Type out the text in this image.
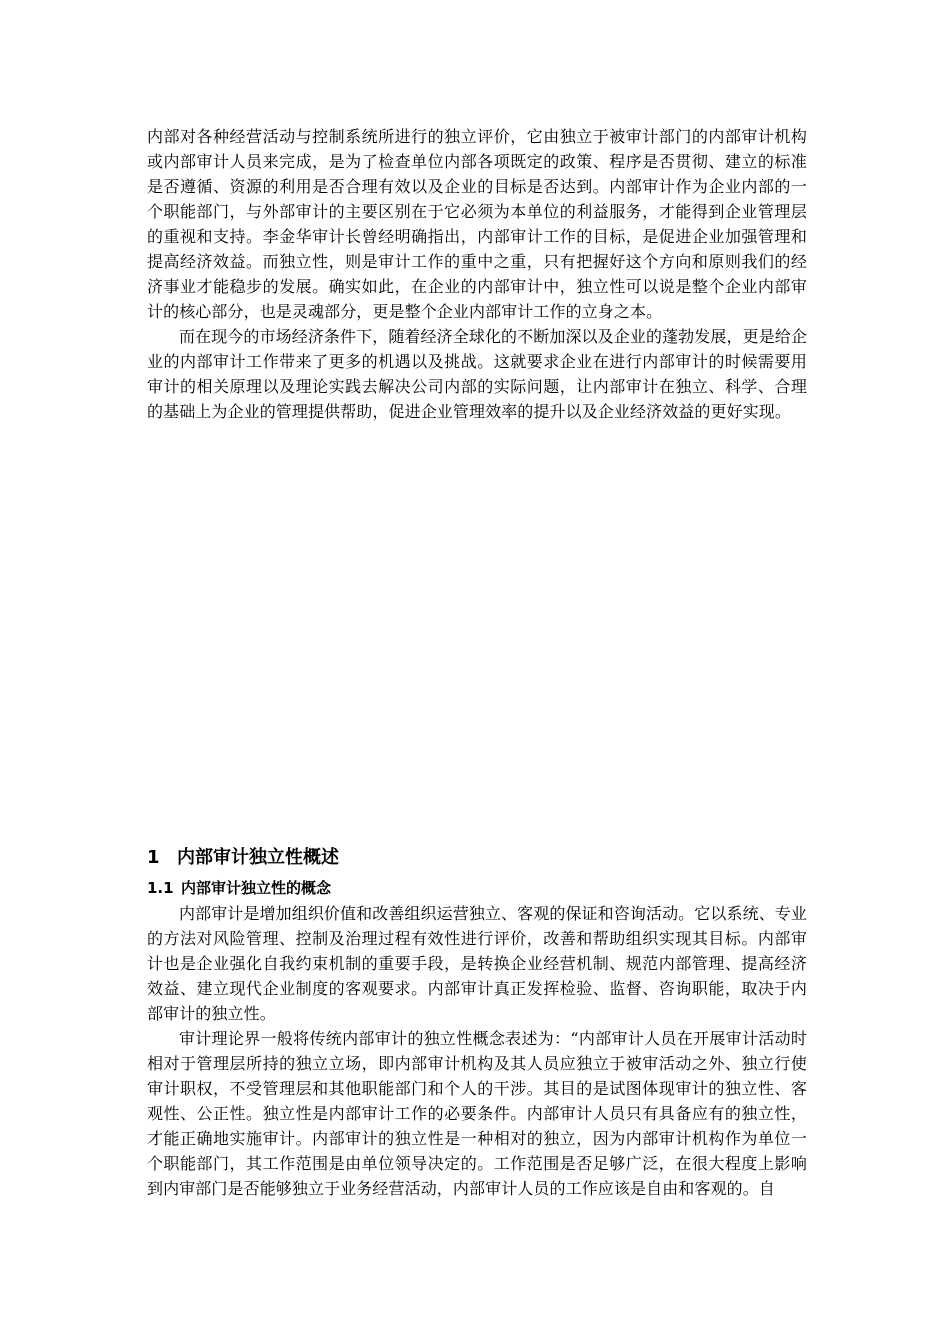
内部对各种经营活动与控制系统所进行的独立评价，它由独立于被审计部门的内部审计机构或内部审计人员来完成，是为了检查单位内部各项既定的政策、程序是否贯彻、建立的标准是否遵循、资源的利用是否合理有效以及企业的目标是否达到。内部审计作为企业内部的一个职能部门，与外部审计的主要区别在于它必须为本单位的利益服务，才能得到企业管理层的重视和支持。李金华审计长曾经明确指出，内部审计工作的目标，是促进企业加强管理和提高经济效益。而独立性，则是审计工作的重中之重，只有把握好这个方向和原则我们的经济事业才能稳步的发展。确实如此，在企业的内部审计中，独立性可以说是整个企业内部审计的核心部分，也是灵魂部分，更是整个企业内部审计工作的立身之本。

而在现今的市场经济条件下，随着经济全球化的不断加深以及企业的蓬勃发展，更是给企业的内部审计工作带来了更多的机遇以及挑战。这就要求企业在进行内部审计的时候需要用审计的相关原理以及理论实践去解决公司内部的实际问题，让内部审计在独立、科学、合理的基础上为企业的管理提供帮助，促进企业管理效率的提升以及企业经济效益的更好实现。

1 内部审计独立性概述
1.1 内部审计独立性的概念

内部审计是增加组织价值和改善组织运营独立、客观的保证和咨询活动。它以系统、专业的方法对风险管理、控制及治理过程有效性进行评价，改善和帮助组织实现其目标。内部审计也是企业强化自我约束机制的重要手段，是转换企业经营机制、规范内部管理、提高经济效益、建立现代企业制度的客观要求。内部审计真正发挥检验、监督、咨询职能，取决于内部审计的独立性。

审计理论界一般将传统内部审计的独立性概念表述为：“内部审计人员在开展审计活动时相对于管理层所持的独立立场，即内部审计机构及其人员应独立于被审活动之外、独立行使审计职权，不受管理层和其他职能部门和个人的干涉。其目的是试图体现审计的独立性、客观性、公正性。独立性是内部审计工作的必要条件。内部审计人员只有具备应有的独立性，才能正确地实施审计。内部审计的独立性是一种相对的独立，因为内部审计机构作为单位一个职能部门，其工作范围是由单位领导决定的。工作范围是否足够广泛，在很大程度上影响到内审部门是否能够独立于业务经营活动，内部审计人员的工作应该是自由和客观的。自
